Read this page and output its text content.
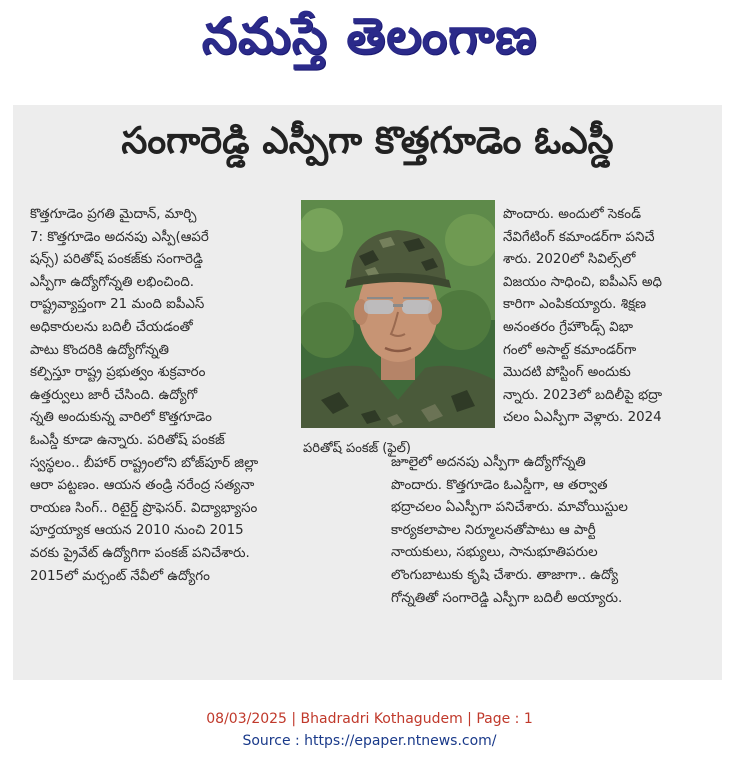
నమస్తే తెలంగాణ
సంగారెడ్డి ఎస్పీగా కొత్తగూడెం ఓఎస్డీ
కొత్తగూడెం ప్రగతి మైదాన్, మార్చి
7: కొత్తగూడెం అదనపు ఎస్పీ(ఆపరే
షన్స్) పరితోష్ పంకజ్‌కు సంగారెడ్డి
ఎస్పీగా ఉద్యోగోన్నతి లభించింది.
రాష్ట్రవ్యాప్తంగా 21 మంది ఐపీఎస్
అధికారులను బదిలీ చేయడంతో
పాటు కొందరికి ఉద్యోగోన్నతి
కల్పిస్తూ రాష్ట్ర ప్రభుత్వం శుక్రవారం
ఉత్తర్వులు జారీ చేసింది. ఉద్యోగో
న్నతి అందుకున్న వారిలో కొత్తగూడెం
ఓఎస్డీ కూడా ఉన్నారు. పరితోష్ పంకజ్
స్వస్థలం.. బీహార్ రాష్ట్రంలోని బోజ్‌పూర్ జిల్లా
ఆరా పట్టణం. ఆయన తండ్రి నరేంద్ర సత్యనా
రాయణ సింగ్.. రిటైర్డ్ ప్రొఫెసర్. విద్యాభ్యాసం
పూర్తయ్యాక ఆయన 2010 నుంచి 2015
వరకు ప్రైవేట్ ఉద్యోగిగా పంకజ్ పనిచేశారు.
2015లో మర్చంట్ నేవీలో ఉద్యోగం
పరితోష్ పంకజ్ (ఫైల్)
పొందారు. అందులో సెకండ్
నేవిగేటింగ్ కమాండర్‌గా పనిచే
శారు. 2020లో సివిల్స్‌లో
విజయం సాధించి, ఐపీఎస్ అధి
కారిగా ఎంపికయ్యారు. శిక్షణ
అనంతరం గ్రేహౌండ్స్ విభా
గంలో అసాల్ట్ కమాండర్‌గా
మొదటి పోస్టింగ్ అందుకు
న్నారు. 2023లో బదిలీపై భద్రా
చలం ఏఎస్పీగా వెళ్లారు. 2024
జూలైలో అదనపు ఎస్పీగా ఉద్యోగోన్నతి
పొందారు. కొత్తగూడెం ఓఎస్డీగా, ఆ తర్వాత
భద్రాచలం ఏఎస్పీగా పనిచేశారు. మావోయిస్టుల
కార్యకలాపాల నిర్మూలనతోపాటు ఆ పార్టీ
నాయకులు, సభ్యులు, సానుభూతిపరుల
లొంగుబాటుకు కృషి చేశారు. తాజాగా.. ఉద్యో
గోన్నతితో సంగారెడ్డి ఎస్పీగా బదిలీ అయ్యారు.
08/03/2025 | Bhadradri Kothagudem | Page : 1
Source : https://epaper.ntnews.com/
